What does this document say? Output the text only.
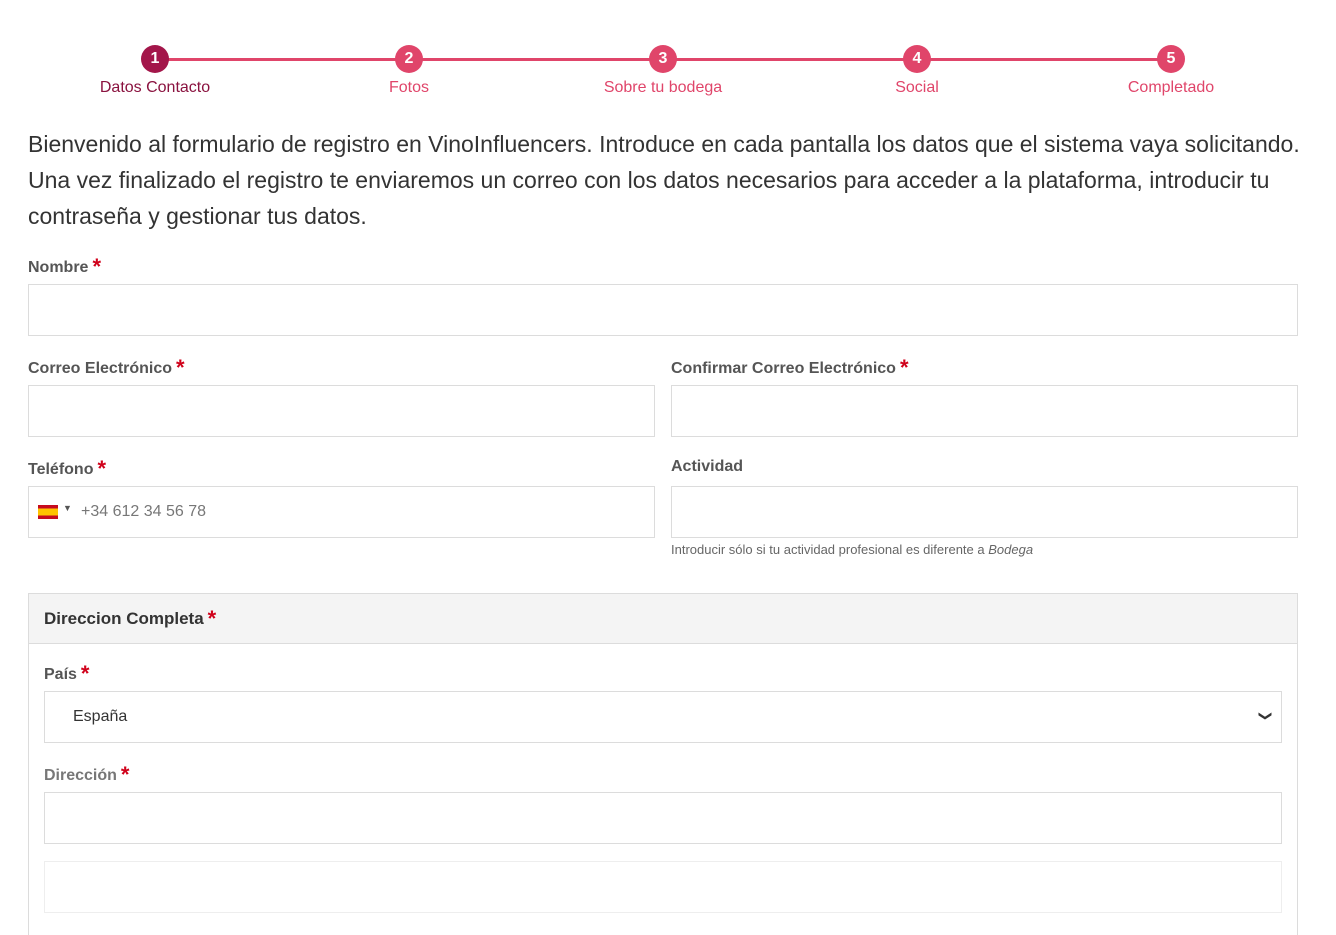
1
Datos Contacto
2
Fotos
3
Sobre tu bodega
4
Social
5
Completado
Bienvenido al formulario de registro en VinoInfluencers. Introduce en cada pantalla los datos que el sistema vaya solicitando. Una vez finalizado el registro te enviaremos un correo con los datos necesarios para acceder a la plataforma, introducir tu contraseña y gestionar tus datos.
Nombre *
Correo Electrónico *	Confirmar Correo Electrónico *
Teléfono *
▼ +34 612 34 56 78
Actividad
Introducir sólo si tu actividad profesional es diferente a Bodega
Direccion Completa *
País *
España	❯
Dirección *
